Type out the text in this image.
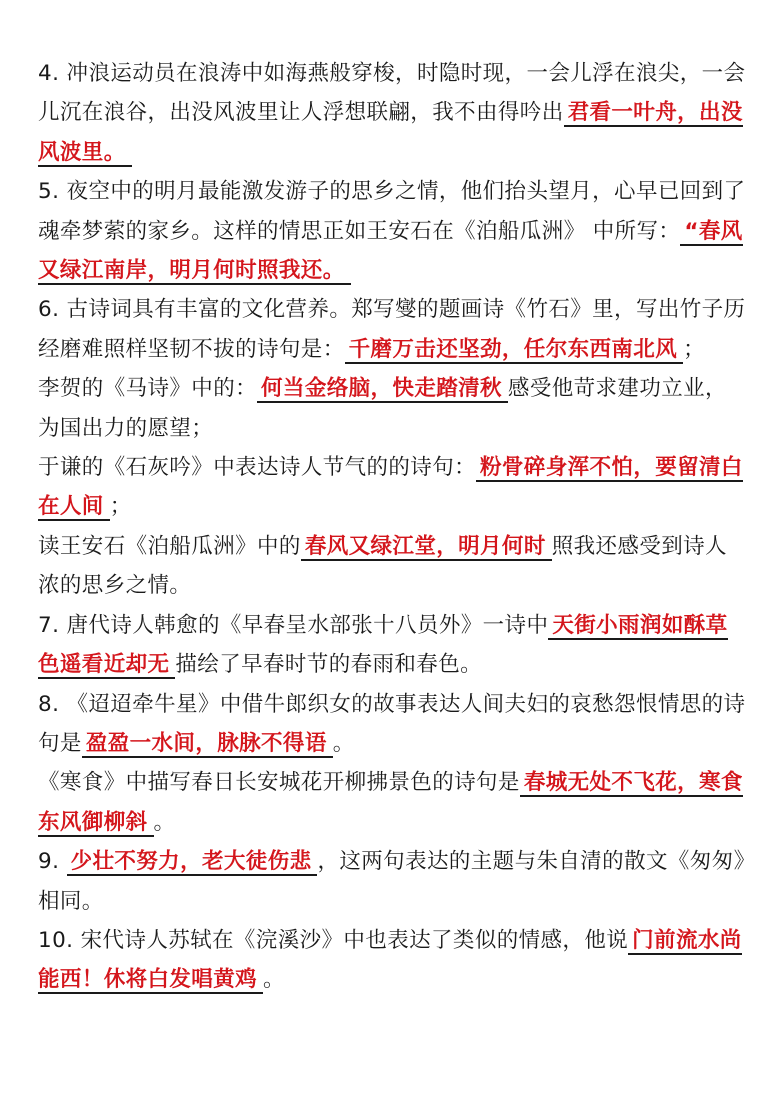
4. 冲浪运动员在浪涛中如海燕般穿梭，时隐时现，一会儿浮在浪尖，一会儿沉在浪谷，出没风波里让人浮想联翩，我不由得吟出 君看一叶舟，出没风波里。

5. 夜空中的明月最能激发游子的思乡之情，他们抬头望月，心早已回到了魂牵梦萦的家乡。这样的情思正如王安石在《泊船瓜洲》 中所写： “春风又绿江南岸，明月何时照我还。

6. 古诗词具有丰富的文化营养。郑写燮的题画诗《竹石》里，写出竹子历经磨难照样坚韧不拔的诗句是： 千磨万击还坚劲，任尔东西南北风 ；

李贺的《马诗》中的： 何当金络脑，快走踏清秋 感受他苛求建功立业，为国出力的愿望；

于谦的《石灰吟》中表达诗人节气的的诗句： 粉骨碎身浑不怕，要留清白在人间 ；

读王安石《泊船瓜洲》中的 春风又绿江堂，明月何时 照我还感受到诗人浓的思乡之情。

7. 唐代诗人韩愈的《早春呈水部张十八员外》一诗中 天街小雨润如酥草色遥看近却无 描绘了早春时节的春雨和春色。

8. 《迢迢牵牛星》中借牛郎织女的故事表达人间夫妇的哀愁怨恨情思的诗句是 盈盈一水间，脉脉不得语 。

《寒食》中描写春日长安城花开柳拂景色的诗句是 春城无处不飞花，寒食东风御柳斜 。

9. 少壮不努力，老大徒伤悲 ，这两句表达的主题与朱自清的散文《匆匆》相同。

10. 宋代诗人苏轼在《浣溪沙》中也表达了类似的情感，他说 门前流水尚能西！休将白发唱黄鸡 。
